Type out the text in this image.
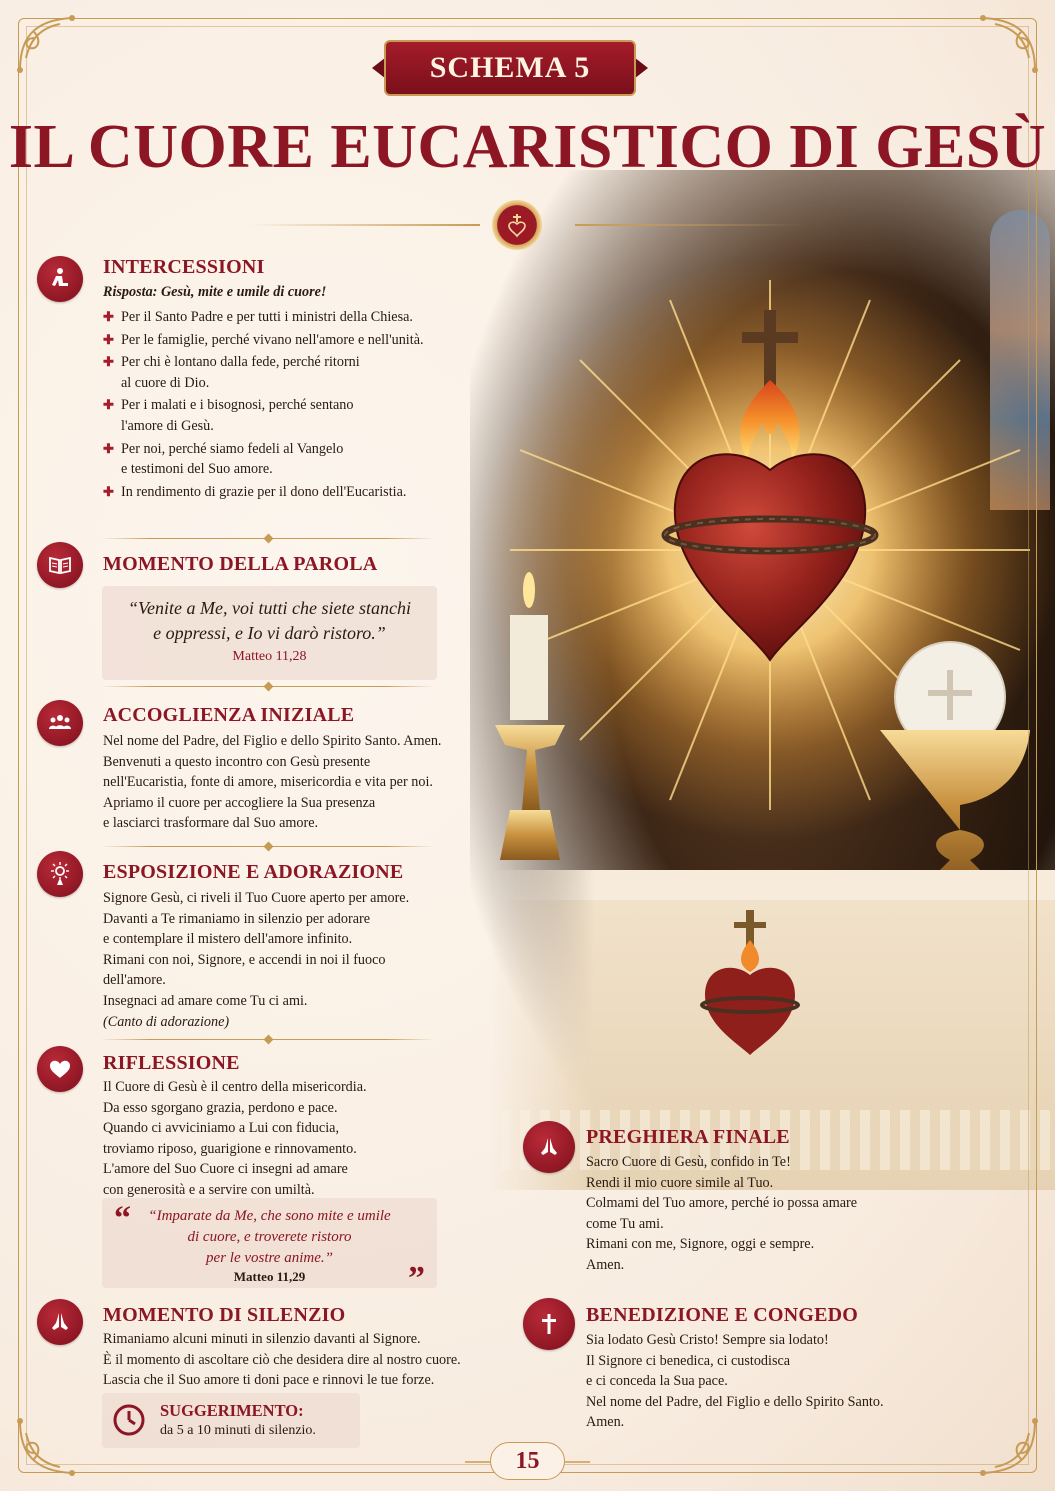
SCHEMA 5
IL CUORE EUCARISTICO DI GESÙ
INTERCESSIONI
Risposta: Gesù, mite e umile di cuore!
✚ Per il Santo Padre e per tutti i ministri della Chiesa.
✚ Per le famiglie, perché vivano nell'amore e nell'unità.
✚ Per chi è lontano dalla fede, perché ritorni
al cuore di Dio.
✚ Per i malati e i bisognosi, perché sentano
l'amore di Gesù.
✚ Per noi, perché siamo fedeli al Vangelo
e testimoni del Suo amore.
✚ In rendimento di grazie per il dono dell'Eucaristia.
MOMENTO DELLA PAROLA
“Venite a Me, voi tutti che siete stanchi
e oppressi, e Io vi darò ristoro.”
Matteo 11,28
ACCOGLIENZA INIZIALE

Nel nome del Padre, del Figlio e dello Spirito Santo. Amen.

Benvenuti a questo incontro con Gesù presente

nell'Eucaristia, fonte di amore, misericordia e vita per noi.

Apriamo il cuore per accogliere la Sua presenza

e lasciarci trasformare dal Suo amore.

ESPOSIZIONE E ADORAZIONE

Signore Gesù, ci riveli il Tuo Cuore aperto per amore.

Davanti a Te rimaniamo in silenzio per adorare

e contemplare il mistero dell'amore infinito.

Rimani con noi, Signore, e accendi in noi il fuoco

dell'amore.

Insegnaci ad amare come Tu ci ami.

(Canto di adorazione)

RIFLESSIONE

Il Cuore di Gesù è il centro della misericordia.

Da esso sgorgano grazia, perdono e pace.

Quando ci avviciniamo a Lui con fiducia,

troviamo riposo, guarigione e rinnovamento.

L'amore del Suo Cuore ci insegni ad amare

con generosità e a servire con umiltà.

“	“Imparate da Me, che sono mite e umile
di cuore, e troverete ristoro
per le vostre anime.”
Matteo 11,29	”
MOMENTO DI SILENZIO

Rimaniamo alcuni minuti in silenzio davanti al Signore.

È il momento di ascoltare ciò che desidera dire al nostro cuore.

Lascia che il Suo amore ti doni pace e rinnovi le tue forze.

SUGGERIMENTO:
da 5 a 10 minuti di silenzio.
PREGHIERA FINALE

Sacro Cuore di Gesù, confido in Te!

Rendi il mio cuore simile al Tuo.

Colmami del Tuo amore, perché io possa amare

come Tu ami.

Rimani con me, Signore, oggi e sempre.

Amen.

BENEDIZIONE E CONGEDO

Sia lodato Gesù Cristo! Sempre sia lodato!

Il Signore ci benedica, ci custodisca

e ci conceda la Sua pace.

Nel nome del Padre, del Figlio e dello Spirito Santo.

Amen.

15
